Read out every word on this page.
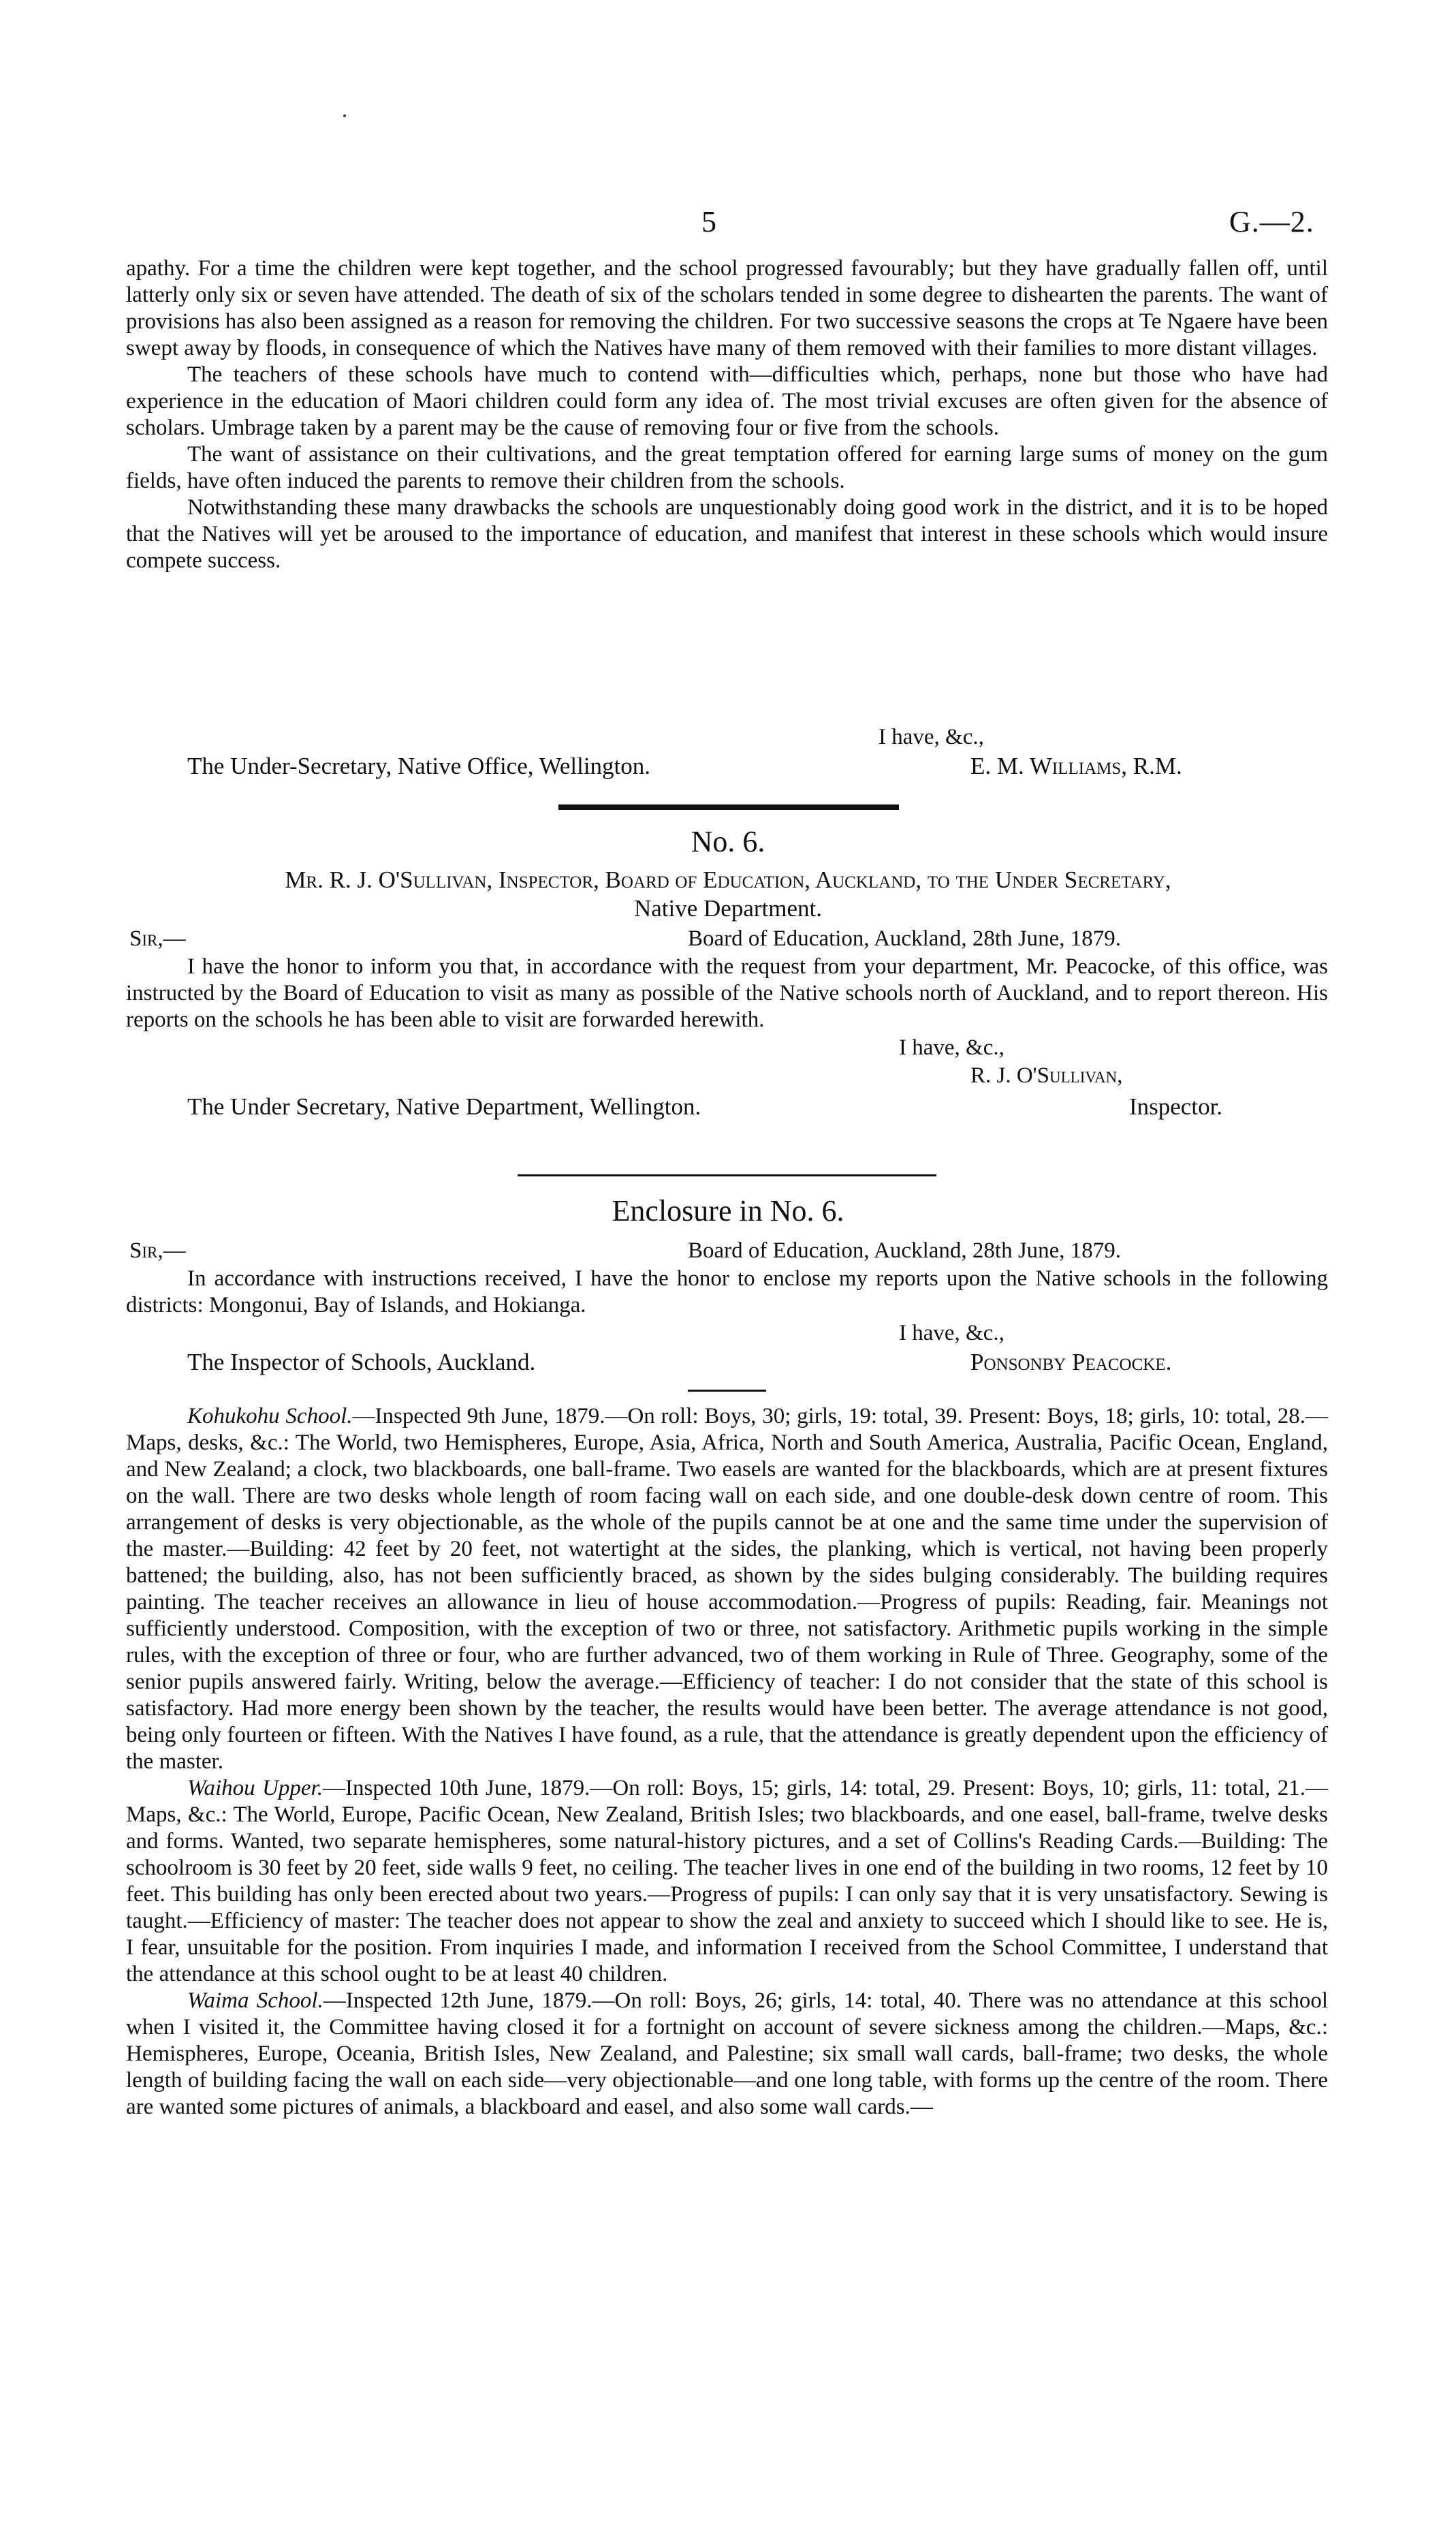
5	G.—2.

apathy. For a time the children were kept together, and the school progressed favourably; but they have gradually fallen off, until latterly only six or seven have attended. The death of six of the scholars tended in some degree to dishearten the parents. The want of provisions has also been assigned as a reason for removing the children. For two successive seasons the crops at Te Ngaere have been swept away by floods, in consequence of which the Natives have many of them removed with their families to more distant villages.

The teachers of these schools have much to contend with—difficulties which, perhaps, none but those who have had experience in the education of Maori children could form any idea of. The most trivial excuses are often given for the absence of scholars. Umbrage taken by a parent may be the cause of removing four or five from the schools.

The want of assistance on their cultivations, and the great temptation offered for earning large sums of money on the gum fields, have often induced the parents to remove their children from the schools.

Notwithstanding these many drawbacks the schools are unquestionably doing good work in the district, and it is to be hoped that the Natives will yet be aroused to the importance of education, and manifest that interest in these schools which would insure compete success.

I have, &c.,
The Under-Secretary, Native Office, Wellington.	E. M. Williams, R.M.
No. 6.
Mr. R. J. O'Sullivan, Inspector, Board of Education, Auckland, to the Under Secretary,
Native Department.
Sir,—	Board of Education, Auckland, 28th June, 1879.

I have the honor to inform you that, in accordance with the request from your department, Mr. Peacocke, of this office, was instructed by the Board of Education to visit as many as possible of the Native schools north of Auckland, and to report thereon. His reports on the schools he has been able to visit are forwarded herewith.

I have, &c.,
R. J. O'Sullivan,
The Under Secretary, Native Department, Wellington.	Inspector.
Enclosure in No. 6.
Sir,—	Board of Education, Auckland, 28th June, 1879.

In accordance with instructions received, I have the honor to enclose my reports upon the Native schools in the following districts: Mongonui, Bay of Islands, and Hokianga.

I have, &c.,
The Inspector of Schools, Auckland.	Ponsonby Peacocke.

Kohukohu School.—Inspected 9th June, 1879.—On roll: Boys, 30; girls, 19: total, 39. Present: Boys, 18; girls, 10: total, 28.—Maps, desks, &c.: The World, two Hemispheres, Europe, Asia, Africa, North and South America, Australia, Pacific Ocean, England, and New Zealand; a clock, two blackboards, one ball-frame. Two easels are wanted for the blackboards, which are at present fixtures on the wall. There are two desks whole length of room facing wall on each side, and one double-desk down centre of room. This arrangement of desks is very objectionable, as the whole of the pupils cannot be at one and the same time under the supervision of the master.—Building: 42 feet by 20 feet, not watertight at the sides, the planking, which is vertical, not having been properly battened; the building, also, has not been sufficiently braced, as shown by the sides bulging considerably. The building requires painting. The teacher receives an allowance in lieu of house accommodation.—Progress of pupils: Reading, fair. Meanings not sufficiently understood. Composition, with the exception of two or three, not satisfactory. Arithmetic pupils working in the simple rules, with the exception of three or four, who are further advanced, two of them working in Rule of Three. Geography, some of the senior pupils answered fairly. Writing, below the average.—Efficiency of teacher: I do not consider that the state of this school is satisfactory. Had more energy been shown by the teacher, the results would have been better. The average attendance is not good, being only fourteen or fifteen. With the Natives I have found, as a rule, that the attendance is greatly dependent upon the efficiency of the master.

Waihou Upper.—Inspected 10th June, 1879.—On roll: Boys, 15; girls, 14: total, 29. Present: Boys, 10; girls, 11: total, 21.—Maps, &c.: The World, Europe, Pacific Ocean, New Zealand, British Isles; two blackboards, and one easel, ball-frame, twelve desks and forms. Wanted, two separate hemispheres, some natural-history pictures, and a set of Collins's Reading Cards.—Building: The schoolroom is 30 feet by 20 feet, side walls 9 feet, no ceiling. The teacher lives in one end of the building in two rooms, 12 feet by 10 feet. This building has only been erected about two years.—Progress of pupils: I can only say that it is very unsatisfactory. Sewing is taught.—Efficiency of master: The teacher does not appear to show the zeal and anxiety to succeed which I should like to see. He is, I fear, unsuitable for the position. From inquiries I made, and information I received from the School Committee, I understand that the attendance at this school ought to be at least 40 children.

Waima School.—Inspected 12th June, 1879.—On roll: Boys, 26; girls, 14: total, 40. There was no attendance at this school when I visited it, the Committee having closed it for a fortnight on account of severe sickness among the children.—Maps, &c.: Hemispheres, Europe, Oceania, British Isles, New Zealand, and Palestine; six small wall cards, ball-frame; two desks, the whole length of building facing the wall on each side—very objectionable—and one long table, with forms up the centre of the room. There are wanted some pictures of animals, a blackboard and easel, and also some wall cards.—
